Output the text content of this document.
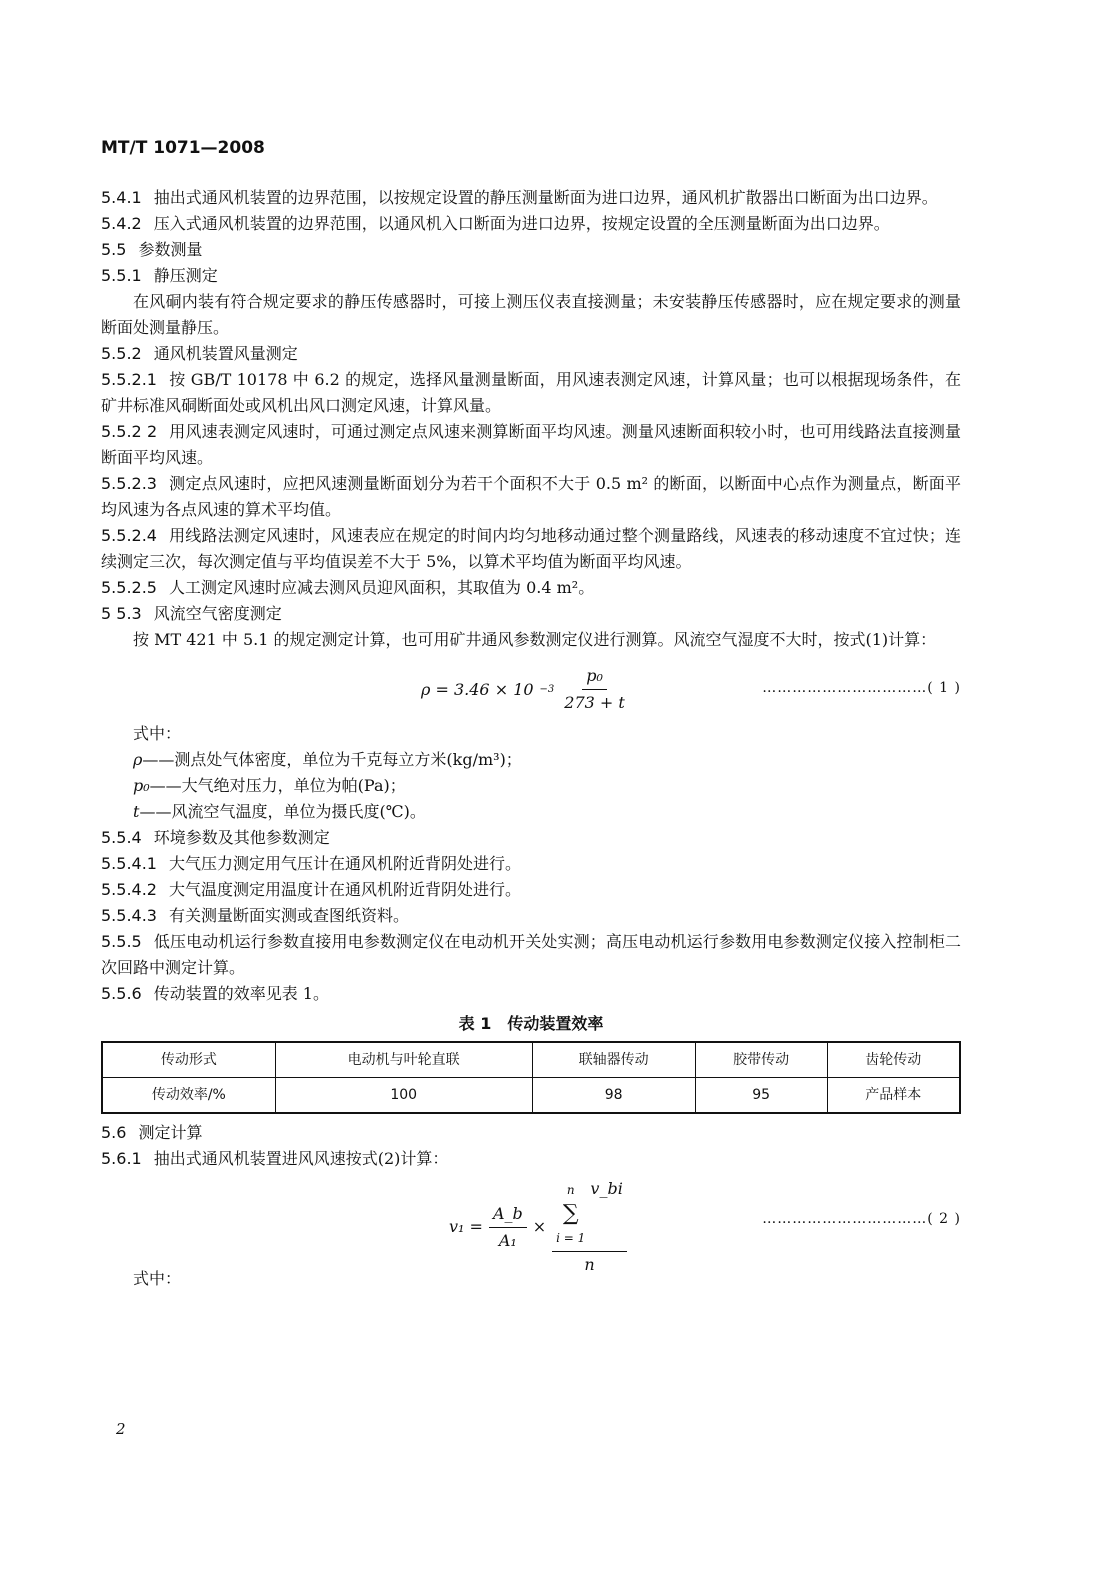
MT/T 1071—2008

5.4.1 抽出式通风机装置的边界范围，以按规定设置的静压测量断面为进口边界，通风机扩散器出口断面为出口边界。

5.4.2 压入式通风机装置的边界范围，以通风机入口断面为进口边界，按规定设置的全压测量断面为出口边界。

5.5 参数测量

5.5.1 静压测定

在风硐内装有符合规定要求的静压传感器时，可接上测压仪表直接测量；未安装静压传感器时，应在规定要求的测量断面处测量静压。

5.5.2 通风机装置风量测定

5.5.2.1 按 GB/T 10178 中 6.2 的规定，选择风量测量断面，用风速表测定风速，计算风量；也可以根据现场条件，在矿井标准风硐断面处或风机出风口测定风速，计算风量。

5.5.2 2 用风速表测定风速时，可通过测定点风速来测算断面平均风速。测量风速断面积较小时，也可用线路法直接测量断面平均风速。

5.5.2.3 测定点风速时，应把风速测量断面划分为若干个面积不大于 0.5 m² 的断面，以断面中心点作为测量点，断面平均风速为各点风速的算术平均值。

5.5.2.4 用线路法测定风速时，风速表应在规定的时间内均匀地移动通过整个测量路线，风速表的移动速度不宜过快；连续测定三次，每次测定值与平均值误差不大于 5%，以算术平均值为断面平均风速。

5.5.2.5 人工测定风速时应减去测风员迎风面积，其取值为 0.4 m²。

5 5.3 风流空气密度测定

按 MT 421 中 5.1 的规定测定计算，也可用矿井通风参数测定仪进行测算。风流空气湿度不大时，按式(1)计算：

$\rho = 3.46 \times 10 -3 \frac{\text{p₀}}{273 + t}$	……………………………( 1 )

式中：

ρ——测点处气体密度，单位为千克每立方米(kg/m³)；

p₀——大气绝对压力，单位为帕(Pa)；

t——风流空气温度，单位为摄氏度(℃)。

5.5.4 环境参数及其他参数测定

5.5.4.1 大气压力测定用气压计在通风机附近背阴处进行。

5.5.4.2 大气温度测定用温度计在通风机附近背阴处进行。

5.5.4.3 有关测量断面实测或查图纸资料。

5.5.5 低压电动机运行参数直接用电参数测定仪在电动机开关处实测；高压电动机运行参数用电参数测定仪接入控制柜二次回路中测定计算。

5.5.6 传动装置的效率见表 1。

表 1　传动装置效率
传动形式	电动机与叶轮直联	联轴器传动	胶带传动	齿轮传动
传动效率/%	100	98	95	产品样本

5.6 测定计算

5.6.1 抽出式通风机装置进风风速按式(2)计算：

$v_1 = \frac{A\_b}{\text{A₁}}$ ×
n
∑
i = 1
v_bi
n
……………………………( 2 )

式中：

2
